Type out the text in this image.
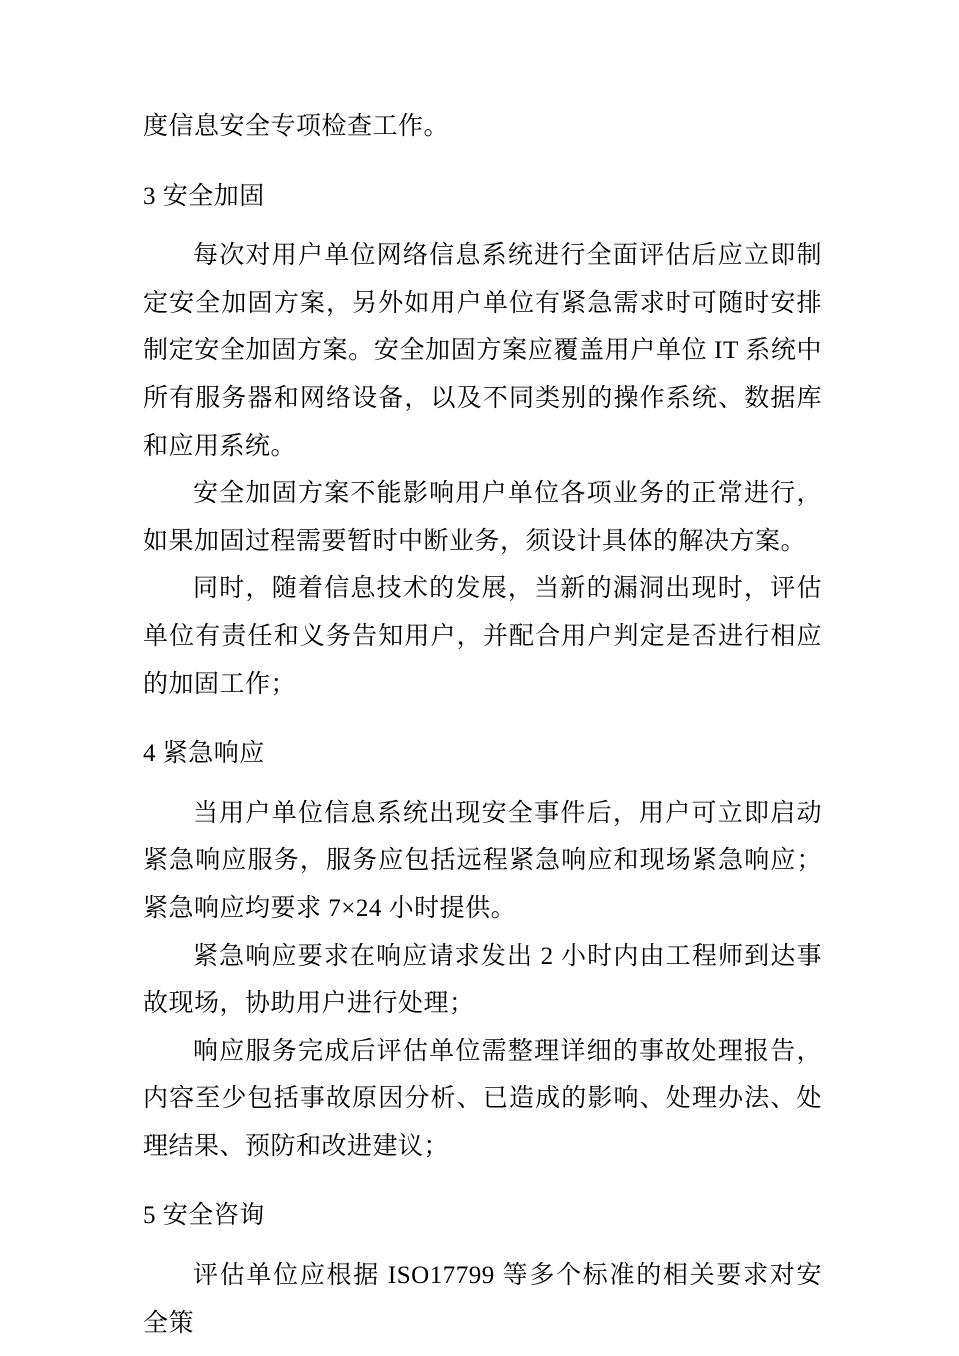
度信息安全专项检查工作。

3 安全加固

每次对用户单位网络信息系统进行全面评估后应立即制定安全加固方案，另外如用户单位有紧急需求时可随时安排制定安全加固方案。安全加固方案应覆盖用户单位 IT 系统中所有服务器和网络设备，以及不同类别的操作系统、数据库和应用系统。

安全加固方案不能影响用户单位各项业务的正常进行，如果加固过程需要暂时中断业务，须设计具体的解决方案。

同时，随着信息技术的发展，当新的漏洞出现时，评估单位有责任和义务告知用户，并配合用户判定是否进行相应的加固工作；

4 紧急响应

当用户单位信息系统出现安全事件后，用户可立即启动紧急响应服务，服务应包括远程紧急响应和现场紧急响应；紧急响应均要求 7×24 小时提供。

紧急响应要求在响应请求发出 2 小时内由工程师到达事故现场，协助用户进行处理；

响应服务完成后评估单位需整理详细的事故处理报告，内容至少包括事故原因分析、已造成的影响、处理办法、处理结果、预防和改进建议；

5 安全咨询

评估单位应根据 ISO17799 等多个标准的相关要求对安全策
